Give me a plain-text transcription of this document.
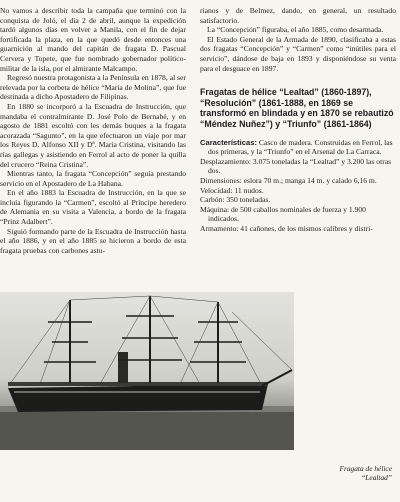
No vamos a describir toda la campaña que terminó con la conquista de Joló, el día 2 de abril, aunque la expedición tardó algunos días en volver a Manila, con el fin de dejar fortificada la plaza, en la que quedó desde entonces una guarnición al mando del capitán de fragata D. Pascual Cervera y Topete, que fue nombrado gobernador político-militar de la isla, por el almirante Malcampo.

Regresó nuestra protagonista a la Península en 1878, al ser relevada por la corbeta de hélice “María de Molina”, que fue destinada a dicho Apostadero de Filipinas.

En 1880 se incorporó a la Escuadra de Instrucción, que mandaba el contralmirante D. José Polo de Bernabé, y en agosto de 1881 escoltó con les demás buques a la fragata acorazada “Sagunto”, en la que efectuaron un viaje por mar los Reyes D. Alfonso XII y Dª. María Cristina, visitando las rías gallegas y asistiendo en Ferrol al acto de poner la quilla del crucero “Reina Cristina”.

Mientras tanto, la fragata “Concepción” seguía prestando servicio en el Apostadero de La Habana.

En el año 1883 la Escuadra de Instrucción, en la que se incluía figurando la “Carmen”, escoltó al Príncipe heredero de Alemania en su visita a Valencia, a bordo de la fragata “Prinz Adalbert”.

Siguió formando parte de la Escuadra de Instrucción hasta el año 1886, y en el año 1885 se hicieron a bordo de esta fragata pruebas con carbones astu-

rianos y de Belmez, dando, en general, un resultado satisfactorio.

La “Concepción” figuraba, el año 1885, como desarmada.

El Estado General de la Armada de 1890, clasificaba a estas dos fragatas “Concepción” y “Carmen” como “inútiles para el servicio”, dándose de baja en 1893 y disponiéndose su venta para el desguace en 1897.

Fragatas de hélice “Lealtad” (1860-1897), “Resolución” (1861-1888, en 1869 se transformó en blindada y en 1870 se rebautizó “Méndez Nuñez”) y “Triunfo” (1861-1864)

Características: Casco de madera. Construidas en Ferrol, las dos primeras, y la “Triunfo” en el Arsenal de La Carraca.

Desplazamiento: 3.075 toneladas la “Lealtad” y 3.200 las otras dos.

Dimensiones: eslora 70 m.; manga 14 m. y calado 6,16 m.

Velocidad: 11 nudos.

Carbón: 350 toneladas.

Máquina: de 500 caballos nominales de fuerza y 1.900 indicados.

Armamento: 41 cañones, de los mismos calibres y distri-

Fragata de hélice
“Lealtad”
